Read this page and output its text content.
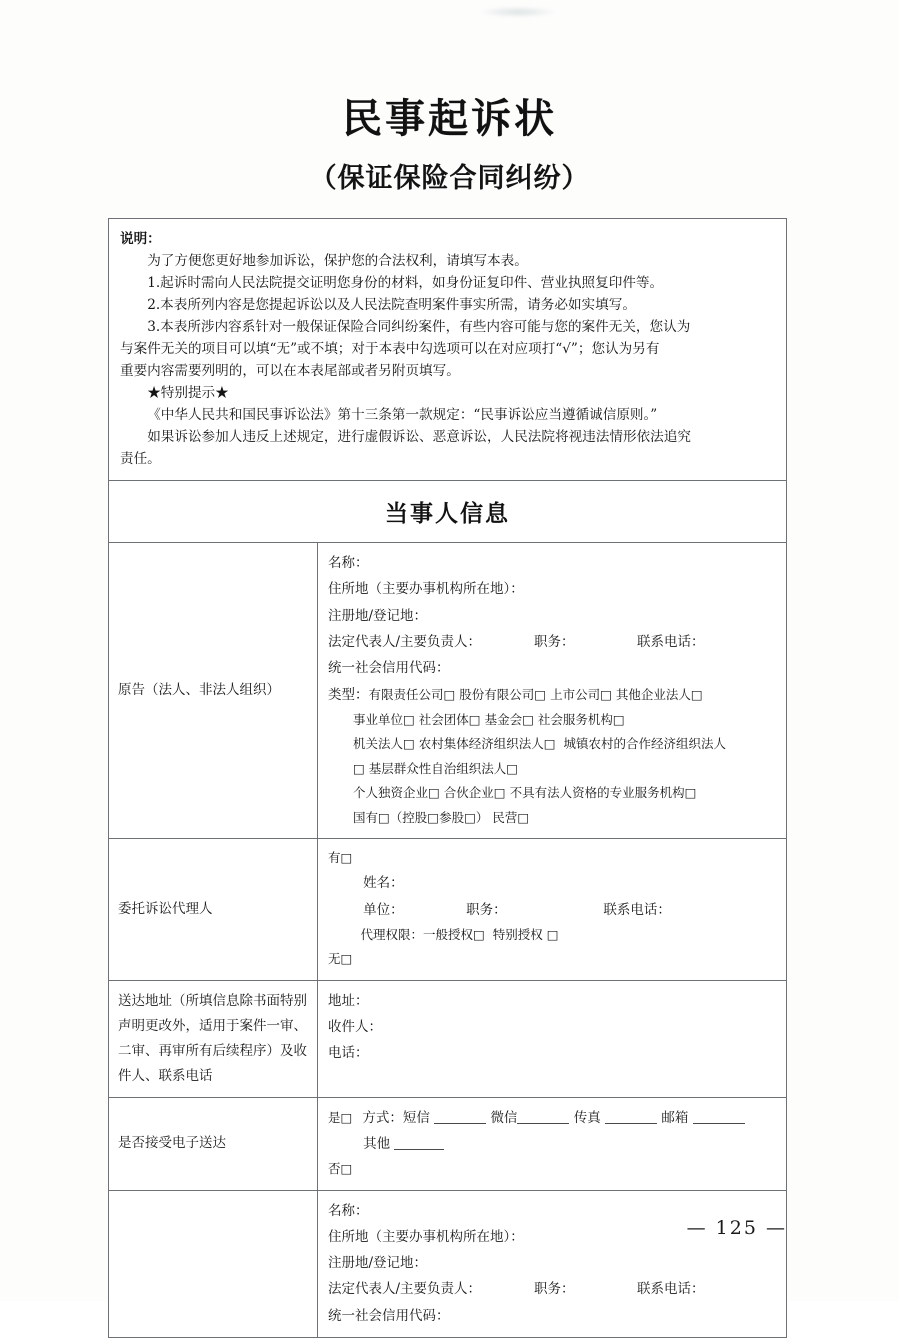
民事起诉状
（保证保险合同纠纷）
说明：
为了方便您更好地参加诉讼，保护您的合法权利，请填写本表。
1.起诉时需向人民法院提交证明您身份的材料，如身份证复印件、营业执照复印件等。
2.本表所列内容是您提起诉讼以及人民法院查明案件事实所需，请务必如实填写。
3.本表所涉内容系针对一般保证保险合同纠纷案件，有些内容可能与您的案件无关，您认为
与案件无关的项目可以填“无”或不填；对于本表中勾选项可以在对应项打“√”；您认为另有
重要内容需要列明的，可以在本表尾部或者另附页填写。
★特别提示★
《中华人民共和国民事诉讼法》第十三条第一款规定：“民事诉讼应当遵循诚信原则。”
如果诉讼参加人违反上述规定，进行虚假诉讼、恶意诉讼，人民法院将视违法情形依法追究
责任。
当事人信息
原告（法人、非法人组织）
名称：
住所地（主要办事机构所在地）：
注册地/登记地：
法定代表人/主要负责人：			职务：			联系电话：
统一社会信用代码：
类型：有限责任公司□ 股份有限公司□ 上市公司□ 其他企业法人□
事业单位□ 社会团体□ 基金会□ 社会服务机构□
机关法人□ 农村集体经济组织法人□  城镇农村的合作经济组织法人
□ 基层群众性自治组织法人□
个人独资企业□ 合伙企业□ 不具有法人资格的专业服务机构□
国有□（控股□参股□） 民营□
委托诉讼代理人
有□
姓名：
单位：			职务：				联系电话：
代理权限：一般授权□  特别授权 □
无□
送达地址（所填信息除书面特别声明更改外，适用于案件一审、二审、再审所有后续程序）及收件人、联系电话
地址：
收件人：
电话：
是否接受电子送达
是□	方式：短信	微信	传真	邮箱
其他
否□
名称：
住所地（主要办事机构所在地）：
注册地/登记地：
法定代表人/主要负责人：			职务：			联系电话：
统一社会信用代码：
— 125 —
